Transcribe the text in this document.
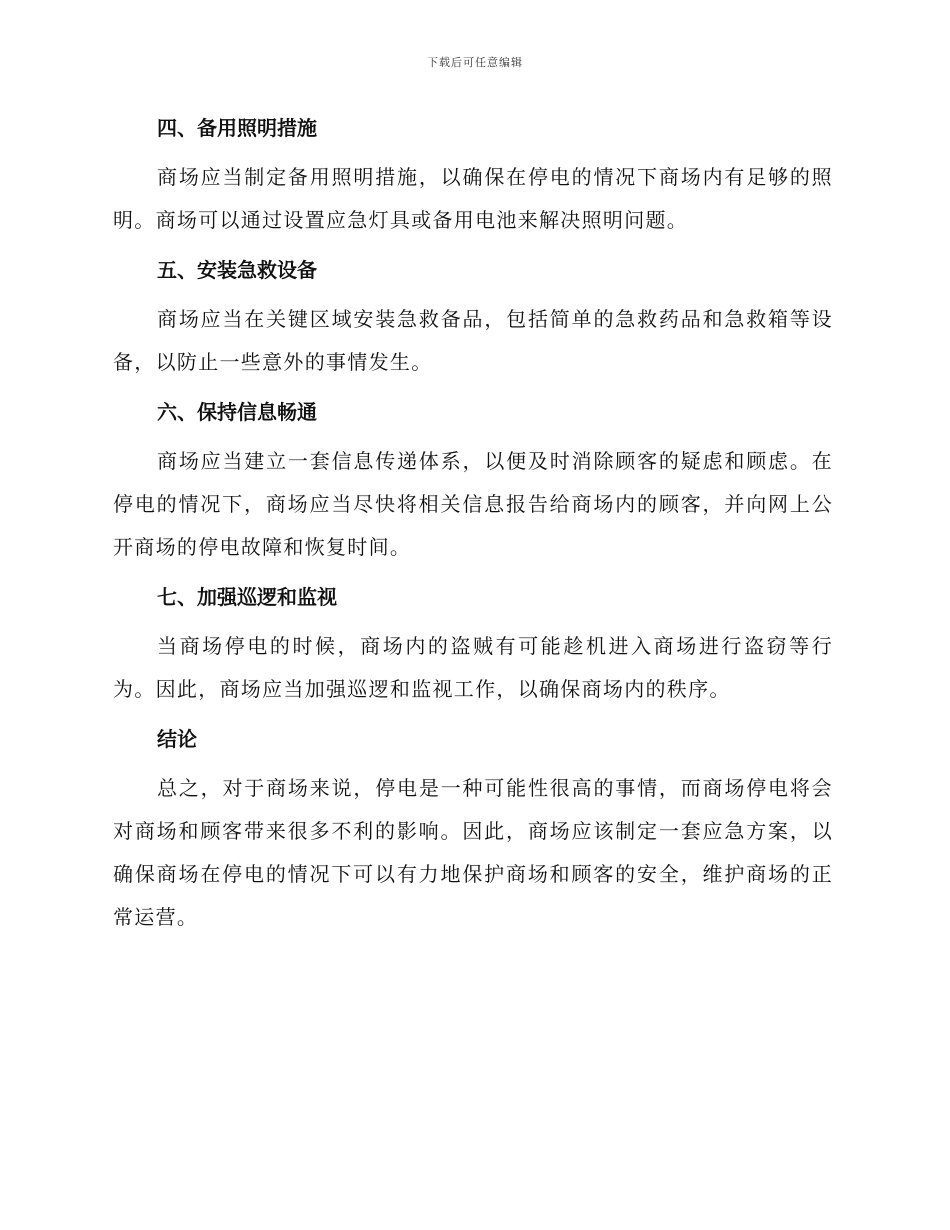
下载后可任意编辑
四、备用照明措施

商场应当制定备用照明措施，以确保在停电的情况下商场内有足够的照明。商场可以通过设置应急灯具或备用电池来解决照明问题。

五、安装急救设备

商场应当在关键区域安装急救备品，包括简单的急救药品和急救箱等设备，以防止一些意外的事情发生。

六、保持信息畅通

商场应当建立一套信息传递体系，以便及时消除顾客的疑虑和顾虑。在停电的情况下，商场应当尽快将相关信息报告给商场内的顾客，并向网上公开商场的停电故障和恢复时间。

七、加强巡逻和监视

当商场停电的时候，商场内的盗贼有可能趁机进入商场进行盗窃等行为。因此，商场应当加强巡逻和监视工作，以确保商场内的秩序。

结论

总之，对于商场来说，停电是一种可能性很高的事情，而商场停电将会对商场和顾客带来很多不利的影响。因此，商场应该制定一套应急方案，以确保商场在停电的情况下可以有力地保护商场和顾客的安全，维护商场的正常运营。
